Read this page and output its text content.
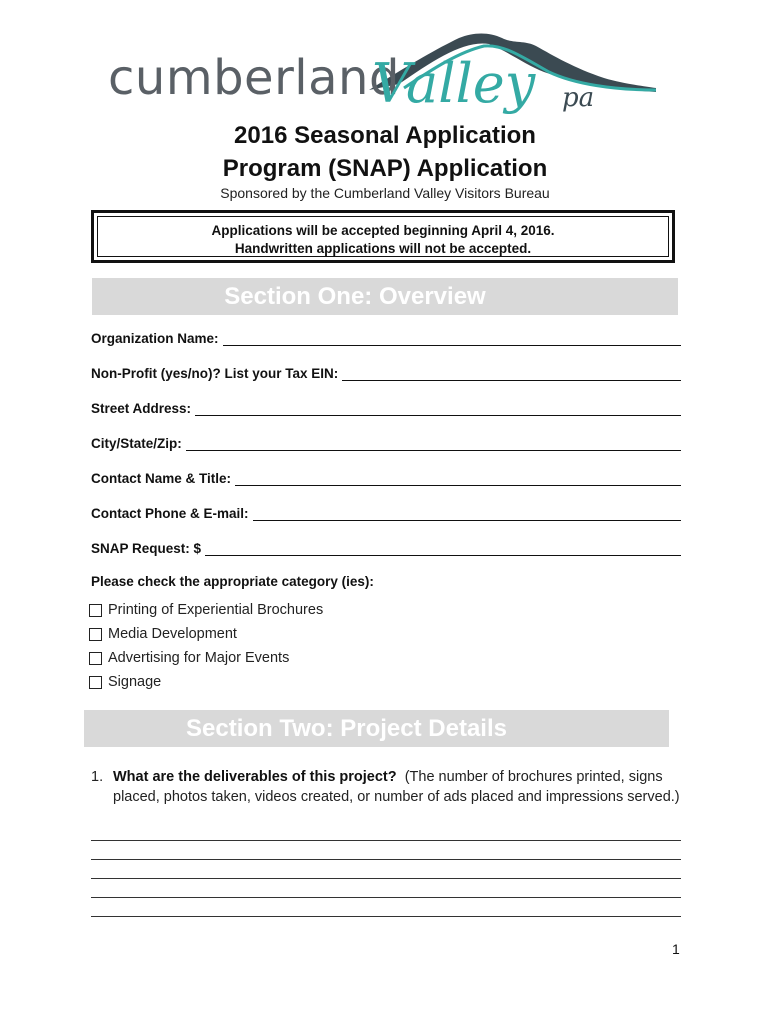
cumberland
Valley pa
2016 Seasonal Application
Program (SNAP) Application
Sponsored by the Cumberland Valley Visitors Bureau
Applications will be accepted beginning April 4, 2016.
Handwritten applications will not be accepted.
Section One: Overview
Organization Name:
Non-Profit (yes/no)? List your Tax EIN:
Street Address:
City/State/Zip:
Contact Name & Title:
Contact Phone & E-mail:
SNAP Request: $
Please check the appropriate category (ies):
Printing of Experiential Brochures
Media Development
Advertising for Major Events
Signage
Section Two: Project Details
1. What are the deliverables of this project? (The number of brochures printed, signs placed, photos taken, videos created, or number of ads placed and impressions served.)
1
